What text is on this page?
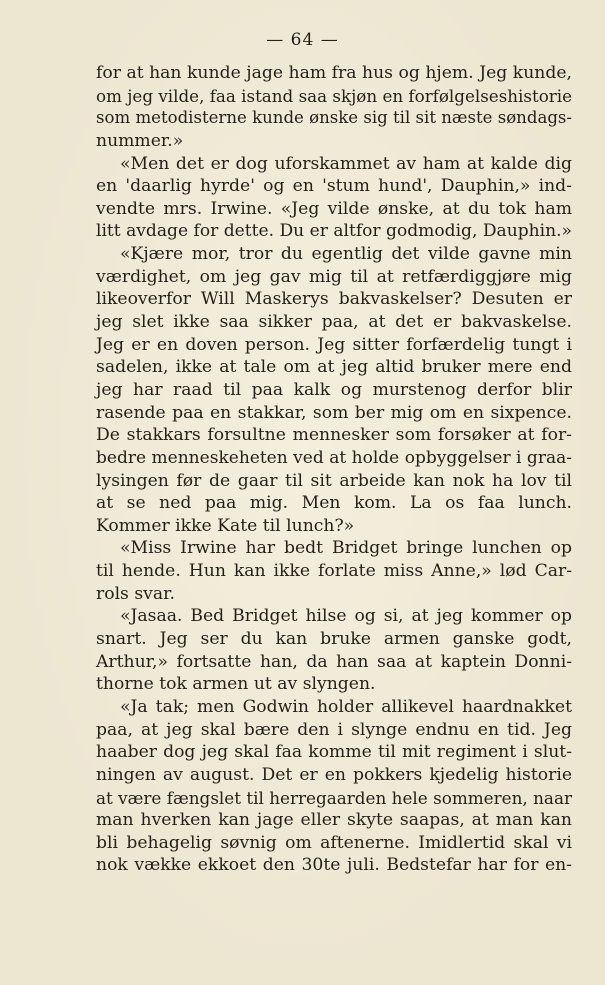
— 64 —
for at han kunde jage ham fra hus og hjem. Jeg kunde,
om jeg vilde, faa istand saa skjøn en forfølgelseshistorie
som metodisterne kunde ønske sig til sit næste søndags-
nummer.»
«Men det er dog uforskammet av ham at kalde dig
en 'daarlig hyrde' og en 'stum hund', Dauphin,» ind-
vendte mrs. Irwine. «Jeg vilde ønske, at du tok ham
litt avdage for dette. Du er altfor godmodig, Dauphin.»
«Kjære mor, tror du egentlig det vilde gavne min
værdighet, om jeg gav mig til at retfærdiggjøre mig
likeoverfor Will Maskerys bakvaskelser? Desuten er
jeg slet ikke saa sikker paa, at det er bakvaskelse.
Jeg er en doven person. Jeg sitter forfærdelig tungt i
sadelen, ikke at tale om at jeg altid bruker mere end
jeg har raad til paa kalk og murstenog derfor blir
rasende paa en stakkar, som ber mig om en sixpence.
De stakkars forsultne mennesker som forsøker at for-
bedre menneskeheten ved at holde opbyggelser i graa-
lysingen før de gaar til sit arbeide kan nok ha lov til
at se ned paa mig. Men kom. La os faa lunch.
Kommer ikke Kate til lunch?»
«Miss Irwine har bedt Bridget bringe lunchen op
til hende. Hun kan ikke forlate miss Anne,» lød Car-
rols svar.
«Jasaa. Bed Bridget hilse og si, at jeg kommer op
snart. Jeg ser du kan bruke armen ganske godt,
Arthur,» fortsatte han, da han saa at kaptein Donni-
thorne tok armen ut av slyngen.
«Ja tak; men Godwin holder allikevel haardnakket
paa, at jeg skal bære den i slynge endnu en tid. Jeg
haaber dog jeg skal faa komme til mit regiment i slut-
ningen av august. Det er en pokkers kjedelig historie
at være fængslet til herregaarden hele sommeren, naar
man hverken kan jage eller skyte saapas, at man kan
bli behagelig søvnig om aftenerne. Imidlertid skal vi
nok vække ekkoet den 30te juli. Bedstefar har for en-
